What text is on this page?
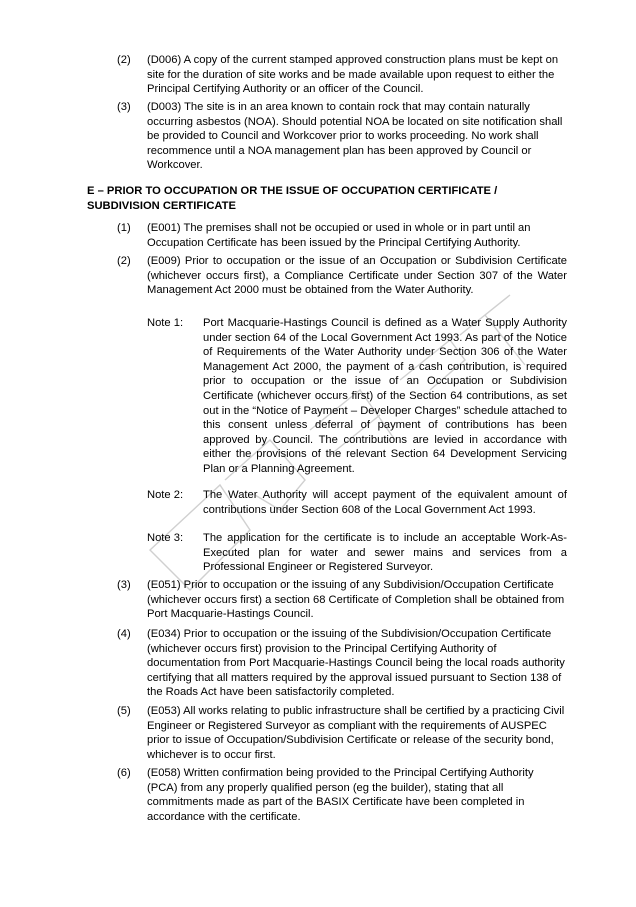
(2) (D006) A copy of the current stamped approved construction plans must be kept on site for the duration of site works and be made available upon request to either the Principal Certifying Authority or an officer of the Council.
(3) (D003) The site is in an area known to contain rock that may contain naturally occurring asbestos (NOA). Should potential NOA be located on site notification shall be provided to Council and Workcover prior to works proceeding. No work shall recommence until a NOA management plan has been approved by Council or Workcover.
E – PRIOR TO OCCUPATION OR THE ISSUE OF OCCUPATION CERTIFICATE / SUBDIVISION CERTIFICATE
(1) (E001) The premises shall not be occupied or used in whole or in part until an Occupation Certificate has been issued by the Principal Certifying Authority.
(2) (E009) Prior to occupation or the issue of an Occupation or Subdivision Certificate (whichever occurs first), a Compliance Certificate under Section 307 of the Water Management Act 2000 must be obtained from the Water Authority.
Note 1: Port Macquarie-Hastings Council is defined as a Water Supply Authority under section 64 of the Local Government Act 1993. As part of the Notice of Requirements of the Water Authority under Section 306 of the Water Management Act 2000, the payment of a cash contribution, is required prior to occupation or the issue of an Occupation or Subdivision Certificate (whichever occurs first) of the Section 64 contributions, as set out in the “Notice of Payment – Developer Charges” schedule attached to this consent unless deferral of payment of contributions has been approved by Council. The contributions are levied in accordance with either the provisions of the relevant Section 64 Development Servicing Plan or a Planning Agreement.
Note 2: The Water Authority will accept payment of the equivalent amount of contributions under Section 608 of the Local Government Act 1993.
Note 3: The application for the certificate is to include an acceptable Work-As-Executed plan for water and sewer mains and services from a Professional Engineer or Registered Surveyor.
(3) (E051) Prior to occupation or the issuing of any Subdivision/Occupation Certificate (whichever occurs first) a section 68 Certificate of Completion shall be obtained from Port Macquarie-Hastings Council.
(4) (E034) Prior to occupation or the issuing of the Subdivision/Occupation Certificate (whichever occurs first) provision to the Principal Certifying Authority of documentation from Port Macquarie-Hastings Council being the local roads authority certifying that all matters required by the approval issued pursuant to Section 138 of the Roads Act have been satisfactorily completed.
(5) (E053) All works relating to public infrastructure shall be certified by a practicing Civil Engineer or Registered Surveyor as compliant with the requirements of AUSPEC prior to issue of Occupation/Subdivision Certificate or release of the security bond, whichever is to occur first.
(6) (E058) Written confirmation being provided to the Principal Certifying Authority (PCA) from any properly qualified person (eg the builder), stating that all commitments made as part of the BASIX Certificate have been completed in accordance with the certificate.
